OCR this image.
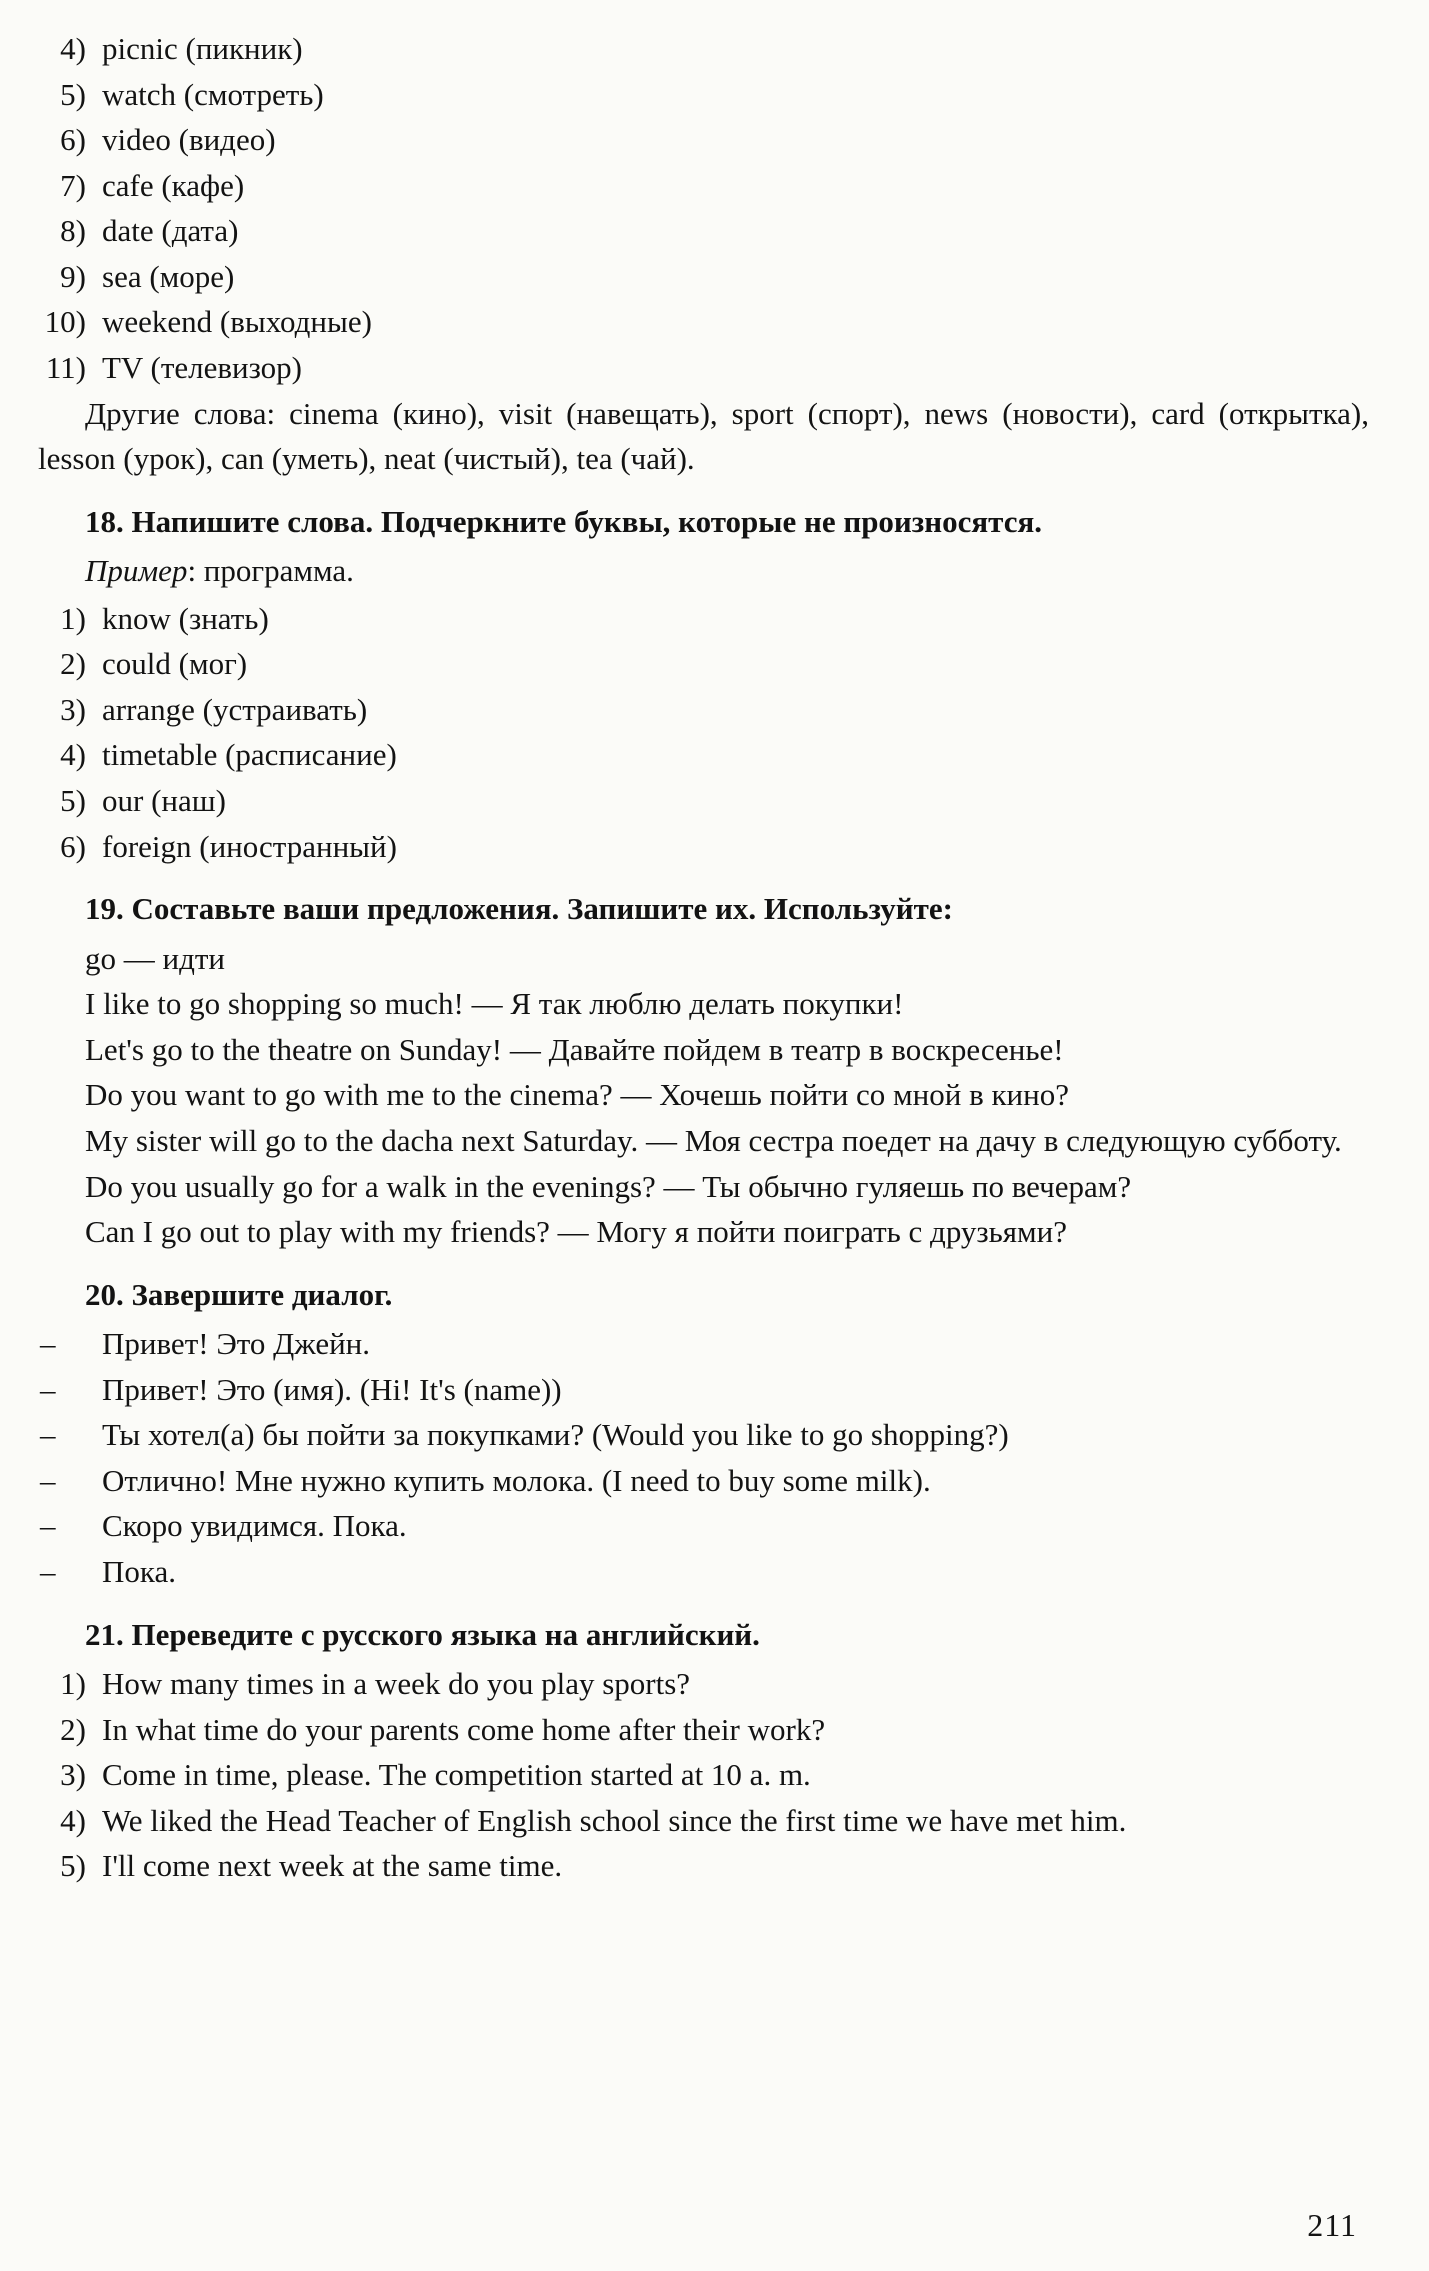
4) picnic (пикник)
5) watch (смотреть)
6) video (видео)
7) cafe (кафе)
8) date (дата)
9) sea (море)
10) weekend (выходные)
11) TV (телевизор)

Другие слова: cinema (кино), visit (навещать), sport (спорт), news (новости), card (открытка), lesson (урок), can (уметь), neat (чистый), tea (чай).

18. Напишите слова. Подчеркните буквы, которые не произносятся.

Пример: программа.

1) know (знать)
2) could (мог)
3) arrange (устраивать)
4) timetable (расписание)
5) our (наш)
6) foreign (иностранный)

19. Составьте ваши предложения. Запишите их. Используйте:

go — идти

I like to go shopping so much! — Я так люблю делать покупки!

Let's go to the theatre on Sunday! — Давайте пойдем в театр в воскресенье!

Do you want to go with me to the cinema? — Хочешь пойти со мной в кино?

My sister will go to the dacha next Saturday. — Моя сестра поедет на дачу в следующую субботу.

Do you usually go for a walk in the evenings? — Ты обычно гуляешь по вечерам?

Can I go out to play with my friends? — Могу я пойти поиграть с друзьями?

20. Завершите диалог.

–	Привет! Это Джейн.
–	Привет! Это (имя). (Hi! It's (name))
–	Ты хотел(а) бы пойти за покупками? (Would you like to go shopping?)
–	Отлично! Мне нужно купить молока. (I need to buy some milk).
–	Скоро увидимся. Пока.
–	Пока.

21. Переведите с русского языка на английский.

1) How many times in a week do you play sports?
2) In what time do your parents come home after their work?
3) Come in time, please. The competition started at 10 a. m.
4) We liked the Head Teacher of English school since the first time we have met him.
5) I'll come next week at the same time.
211
